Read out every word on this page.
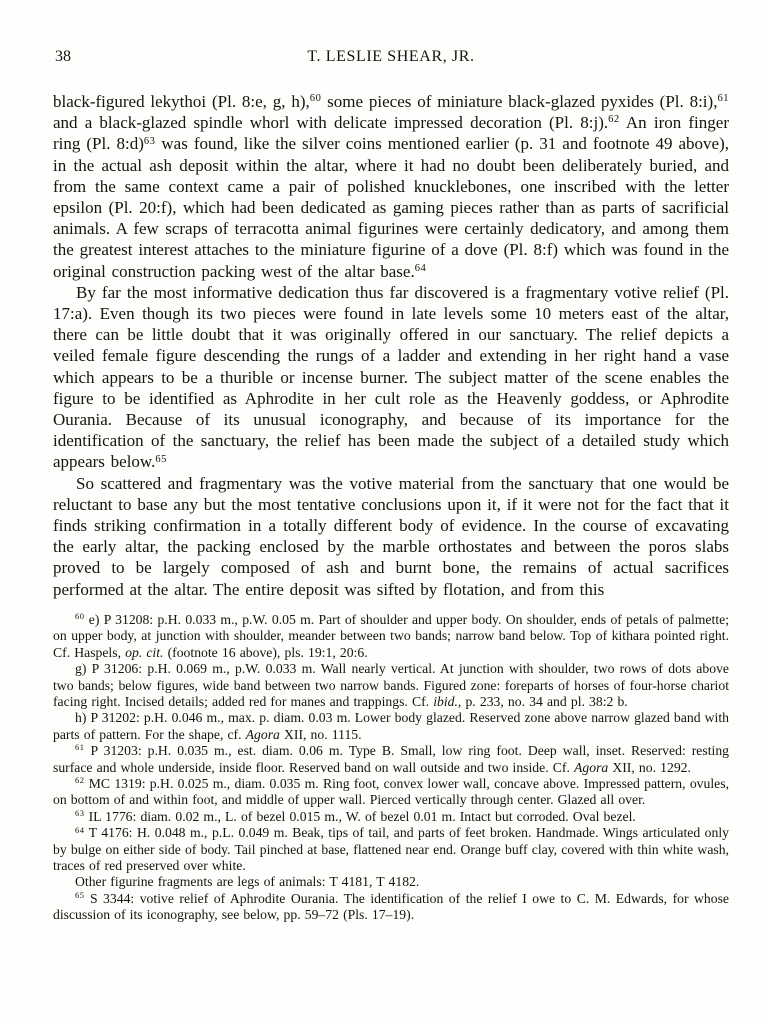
38	T. LESLIE SHEAR, JR.

black-figured lekythoi (Pl. 8:e, g, h),$^{60}$ some pieces of miniature black-glazed pyxides (Pl. 8:i),$^{61}$ and a black-glazed spindle whorl with delicate impressed decoration (Pl. 8:j).$^{62}$ An iron finger ring (Pl. 8:d)$^{63}$ was found, like the silver coins mentioned earlier (p. 31 and footnote 49 above), in the actual ash deposit within the altar, where it had no doubt been deliberately buried, and from the same context came a pair of polished knucklebones, one inscribed with the letter epsilon (Pl. 20:f), which had been dedicated as gaming pieces rather than as parts of sacrificial animals. A few scraps of terracotta animal figurines were certainly dedicatory, and among them the greatest interest attaches to the miniature figurine of a dove (Pl. 8:f) which was found in the original construction packing west of the altar base.$^{64}$

By far the most informative dedication thus far discovered is a fragmentary votive relief (Pl. 17:a). Even though its two pieces were found in late levels some 10 meters east of the altar, there can be little doubt that it was originally offered in our sanctuary. The relief depicts a veiled female figure descending the rungs of a ladder and extending in her right hand a vase which appears to be a thurible or incense burner. The subject matter of the scene enables the figure to be identified as Aphrodite in her cult role as the Heavenly goddess, or Aphrodite Ourania. Because of its unusual iconography, and because of its importance for the identification of the sanctuary, the relief has been made the subject of a detailed study which appears below.$^{65}$

So scattered and fragmentary was the votive material from the sanctuary that one would be reluctant to base any but the most tentative conclusions upon it, if it were not for the fact that it finds striking confirmation in a totally different body of evidence. In the course of excavating the early altar, the packing enclosed by the marble orthostates and between the poros slabs proved to be largely composed of ash and burnt bone, the remains of actual sacrifices performed at the altar. The entire deposit was sifted by flotation, and from this

$^{60}$ e) P 31208: p.H. 0.033 m., p.W. 0.05 m. Part of shoulder and upper body. On shoulder, ends of petals of palmette; on upper body, at junction with shoulder, meander between two bands; narrow band below. Top of kithara pointed right. Cf. Haspels, op. cit. (footnote 16 above), pls. 19:1, 20:6.

g) P 31206: p.H. 0.069 m., p.W. 0.033 m. Wall nearly vertical. At junction with shoulder, two rows of dots above two bands; below figures, wide band between two narrow bands. Figured zone: foreparts of horses of four-horse chariot facing right. Incised details; added red for manes and trappings. Cf. ibid., p. 233, no. 34 and pl. 38:2 b.

h) P 31202: p.H. 0.046 m., max. p. diam. 0.03 m. Lower body glazed. Reserved zone above narrow glazed band with parts of pattern. For the shape, cf. Agora XII, no. 1115.

$^{61}$ P 31203: p.H. 0.035 m., est. diam. 0.06 m. Type B. Small, low ring foot. Deep wall, inset. Reserved: resting surface and whole underside, inside floor. Reserved band on wall outside and two inside. Cf. Agora XII, no. 1292.

$^{62}$ MC 1319: p.H. 0.025 m., diam. 0.035 m. Ring foot, convex lower wall, concave above. Impressed pattern, ovules, on bottom of and within foot, and middle of upper wall. Pierced vertically through center. Glazed all over.

$^{63}$ IL 1776: diam. 0.02 m., L. of bezel 0.015 m., W. of bezel 0.01 m. Intact but corroded. Oval bezel.

$^{64}$ T 4176: H. 0.048 m., p.L. 0.049 m. Beak, tips of tail, and parts of feet broken. Handmade. Wings articulated only by bulge on either side of body. Tail pinched at base, flattened near end. Orange buff clay, covered with thin white wash, traces of red preserved over white.

Other figurine fragments are legs of animals: T 4181, T 4182.

$^{65}$ S 3344: votive relief of Aphrodite Ourania. The identification of the relief I owe to C. M. Edwards, for whose discussion of its iconography, see below, pp. 59–72 (Pls. 17–19).
